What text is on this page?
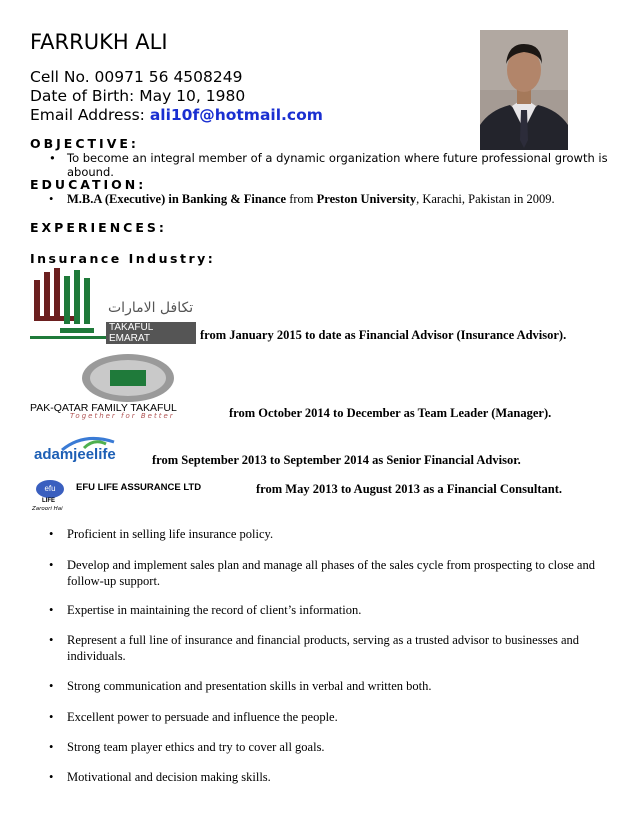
FARRUKH ALI
Cell No. 00971 56 4508249
Date of Birth: May 10, 1980
Email Address: ali10f@hotmail.com
OBJECTIVE:
• To become an integral member of a dynamic organization where future professional growth is abound.
EDUCATION:
• M.B.A (Executive) in Banking & Finance from Preston University, Karachi, Pakistan in 2009.
EXPERIENCES:
Insurance Industry:
تكافل الامارات
TAKAFUL EMARAT	from January 2015 to date as Financial Advisor (Insurance Advisor).
PAK-QATAR FAMILY TAKAFUL
Together for Better	from October 2014 to December as Team Leader (Manager).
adamjeelife	from September 2013 to September 2014 as Senior Financial Advisor.
efu
LIFE
Zaroori Hai
EFU LIFE ASSURANCE LTD	from May 2013 to August 2013 as a Financial Consultant.
• Proficient in selling life insurance policy.
• Develop and implement sales plan and manage all phases of the sales cycle from prospecting to close and follow-up support.
• Expertise in maintaining the record of client’s information.
• Represent a full line of insurance and financial products, serving as a trusted advisor to businesses and individuals.
• Strong communication and presentation skills in verbal and written both.
• Excellent power to persuade and influence the people.
• Strong team player ethics and try to cover all goals.
• Motivational and decision making skills.
